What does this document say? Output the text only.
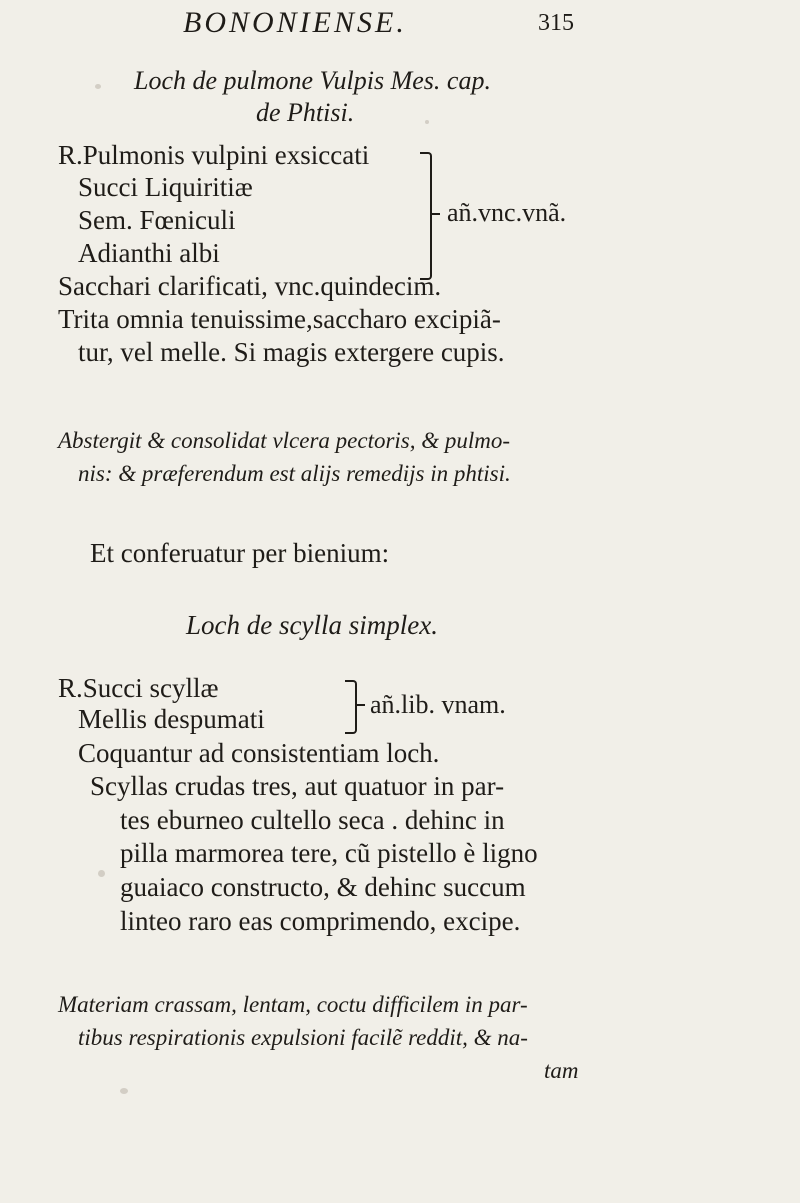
BONONIENSE.	315
Loch de pulmone Vulpis Mes. cap.
de Phtisi.
R.Pulmonis vulpini exsiccati
Succi Liquiritiæ
Sem. Fœniculi
Adianthi albi
añ.vnc.vnã.
Sacchari clarificati, vnc.quindecim.
Trita omnia tenuissime,saccharo excipiã-
tur, vel melle. Si magis extergere cupis.
Abstergit & consolidat vlcera pectoris, & pulmo-
nis: & præferendum est alijs remedijs in phtisi.
Et conferuatur per bienium:
Loch de scylla simplex.
R.Succi scyllæ
Mellis despumati	añ.lib. vnam.
Coquantur ad consistentiam loch.
Scyllas crudas tres, aut quatuor in par-
tes eburneo cultello seca . dehinc in
pilla marmorea tere, cũ pistello è ligno
guaiaco constructo, & dehinc succum
linteo raro eas comprimendo, excipe.
Materiam crassam, lentam, coctu difficilem in par-
tibus respirationis expulsioni facilẽ reddit, & na-
tam
